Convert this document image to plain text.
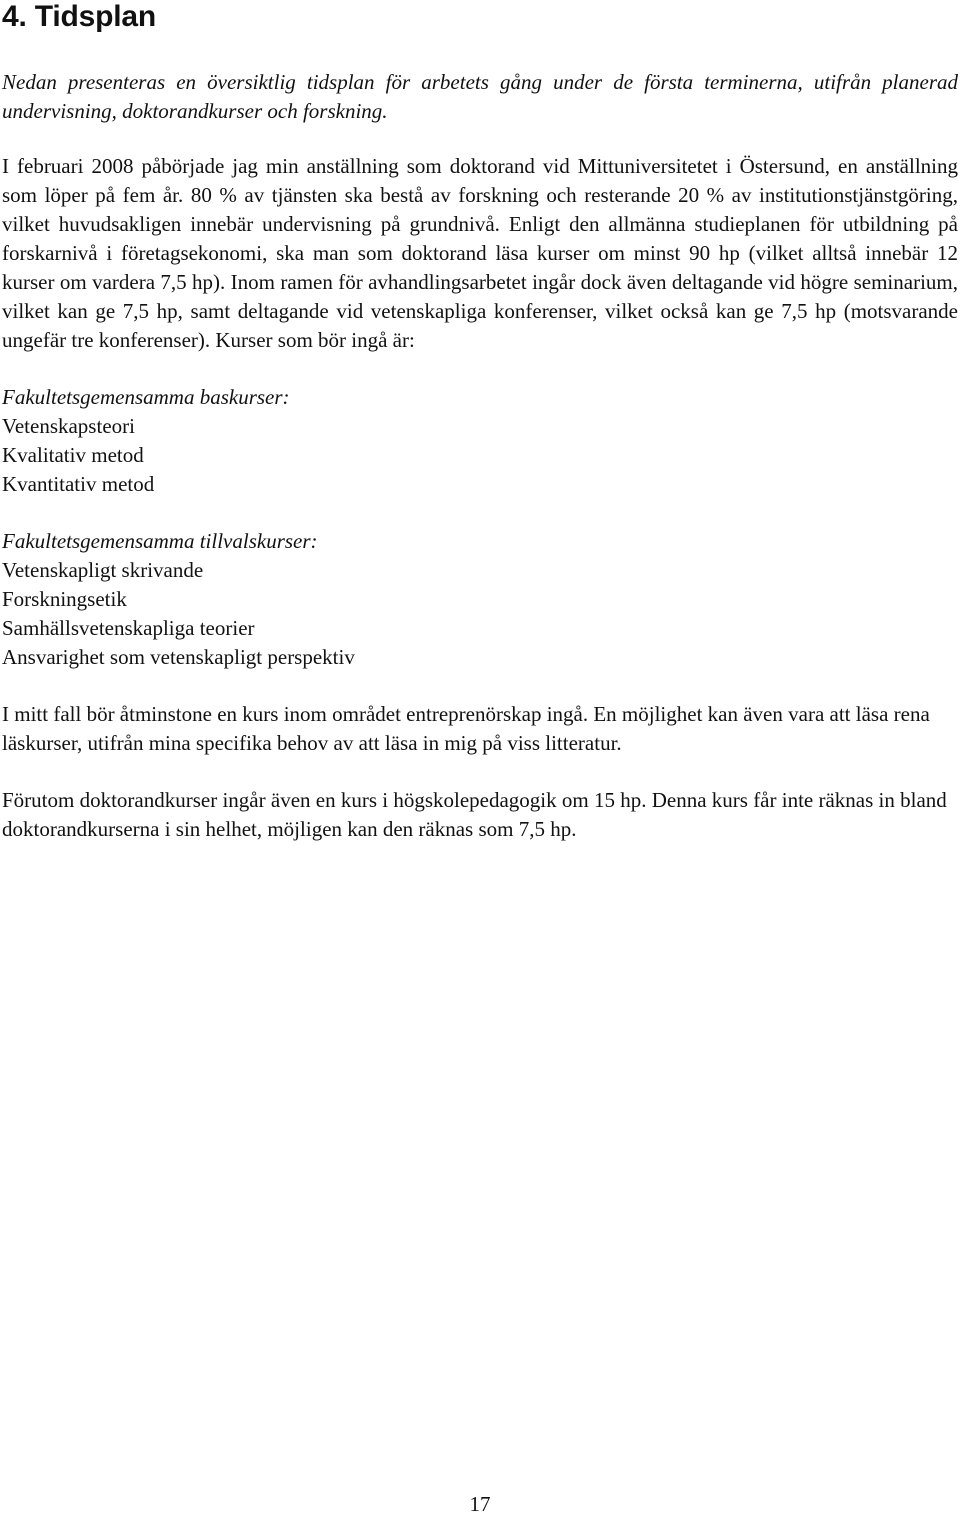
4. Tidsplan

Nedan presenteras en översiktlig tidsplan för arbetets gång under de första terminerna, utifrån planerad undervisning, doktorandkurser och forskning.

I februari 2008 påbörjade jag min anställning som doktorand vid Mittuniversitetet i Östersund, en anställning som löper på fem år. 80 % av tjänsten ska bestå av forskning och resterande 20 % av institutionstjänstgöring, vilket huvudsakligen innebär undervisning på grundnivå. Enligt den allmänna studieplanen för utbildning på forskarnivå i företagsekonomi, ska man som doktorand läsa kurser om minst 90 hp (vilket alltså innebär 12 kurser om vardera 7,5 hp). Inom ramen för avhandlingsarbetet ingår dock även deltagande vid högre seminarium, vilket kan ge 7,5 hp, samt deltagande vid vetenskapliga konferenser, vilket också kan ge 7,5 hp (motsvarande ungefär tre konferenser). Kurser som bör ingå är:

Fakultetsgemensamma baskurser:

Vetenskapsteori
Kvalitativ metod
Kvantitativ metod

Fakultetsgemensamma tillvalskurser:

Vetenskapligt skrivande
Forskningsetik
Samhällsvetenskapliga teorier
Ansvarighet som vetenskapligt perspektiv

I mitt fall bör åtminstone en kurs inom området entreprenörskap ingå. En möjlighet kan även vara att läsa rena läskurser, utifrån mina specifika behov av att läsa in mig på viss litteratur.

Förutom doktorandkurser ingår även en kurs i högskolepedagogik om 15 hp. Denna kurs får inte räknas in bland doktorandkurserna i sin helhet, möjligen kan den räknas som 7,5 hp.

17
